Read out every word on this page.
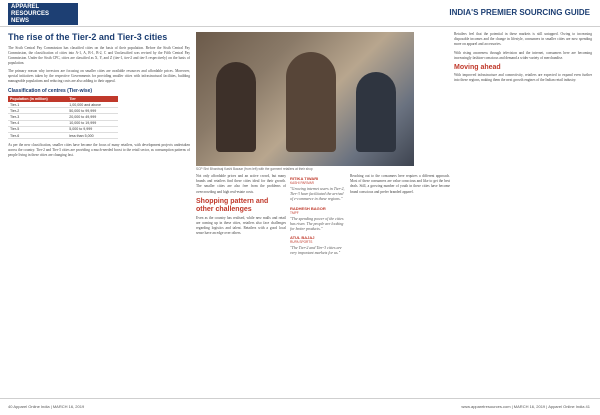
APPAREL
RESOURCES
NEWS
INDIA'S PREMIER SOURCING GUIDE
The rise of the Tier-2 and Tier-3 cities

The Sixth Central Pay Commission has classified cities on the basis of their population. Before the Sixth Central Pay Commission, the classification of cities into A-1, A, B-1, B-2, C and Unclassified was revised by the Fifth Central Pay Commission. Under the Sixth CPC, cities are classified as X, Y, and Z (tier-1, tier-2 and tier-3 respectively) on the basis of population.

The primary reason why investors are focusing on smaller cities are available resources and affordable prices. Moreover, special initiatives taken by the respective Governments for providing smaller cities with infrastructural facilities, building manageable populations and reducing costs are also adding to their appeal.

Classification of centres (Tier-wise)
Population (in million)	Tier
Tier-1	1,00,000 and above
Tier-2	50,000 to 99,999
Tier-3	20,000 to 49,999
Tier-4	10,000 to 19,999
Tier-5	5,000 to 9,999
Tier-6	less than 5,000

As per the new classification, smaller cities have become the focus of many retailers, with development projects undertaken across the country. Tier-2 and Tier-3 cities are providing a much-needed boost to the retail sector, as consumption patterns of people living in these cities are changing fast.

SCP Shri Bhardwaj Kashi Bazaar (from left) with the garment retailers at their shop

Not only affordable prices and an active crowd, but many brands and retailers find these cities ideal for their growth. The smaller cities are also free from the problems of overcrowding and high real-estate costs.

Shopping pattern and other challenges

Even as the country has realised, while new malls and retail are coming up in these cities, retailers also face challenges regarding logistics and talent. Retailers with a good local sense have an edge over others.

RITIKA TIWARI
KASHI PARIVAR
"Growing internet users in Tier-2, Tier-3 have facilitated the arrival of e-commerce in these regions."
RADHESH BAGOR
TMPF
"The spending power of the cities has risen. The people are looking for better products."
ATUL BAJAJ
RUPA SPORTS
"The Tier-2 and Tier-3 cities are very important markets for us."

Reaching out to the consumers here requires a different approach. Most of these consumers are value conscious and like to get the best deals. Still, a growing number of youth in these cities have become brand conscious and prefer branded apparel.

Retailers feel that the potential in these markets is still untapped. Owing to increasing disposable incomes and the change in lifestyle, consumers in smaller cities are now spending more on apparel and accessories.

With rising awareness through television and the internet, consumers here are becoming increasingly fashion-conscious and demand a wider variety of merchandise.

Moving ahead

With improved infrastructure and connectivity, retailers are expected to expand even further into these regions, making them the next growth engines of the Indian retail industry.

40 Apparel Online India | MARCH 16, 2019	www.apparelresources.com | MARCH 16, 2019 | Apparel Online India 41
